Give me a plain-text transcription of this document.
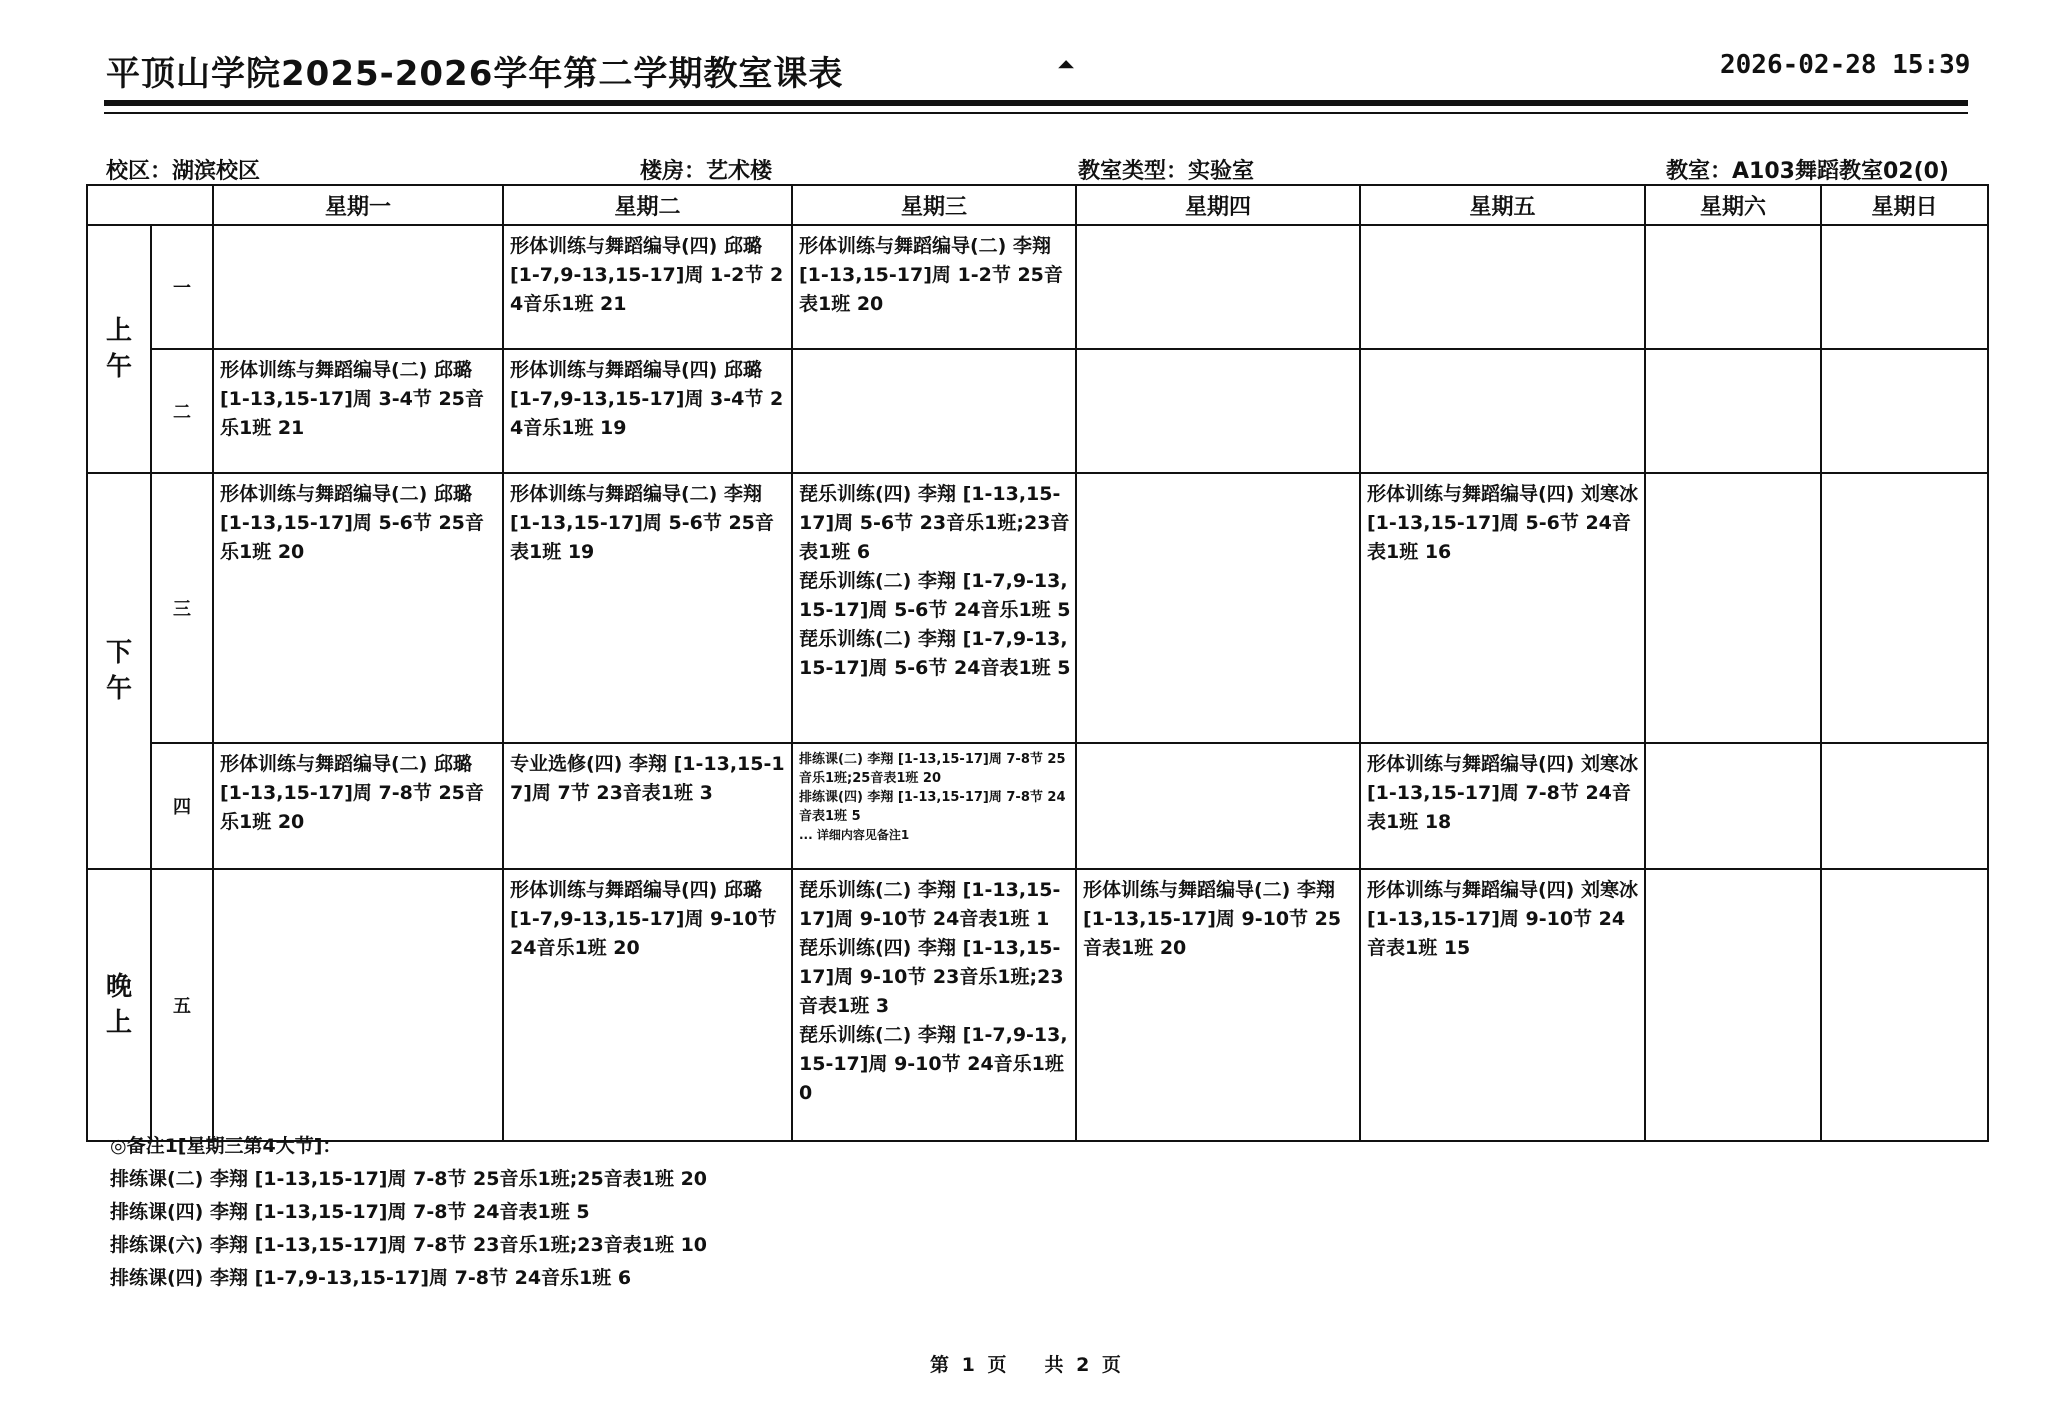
平顶山学院2025-2026学年第二学期教室课表	⏶	2026-02-28 15:39
校区：湖滨校区	楼房：艺术楼	教室类型：实验室	教室：A103舞蹈教室02(0)
		星期一	星期二	星期三	星期四	星期五	星期六	星期日
上
午	一		形体训练与舞蹈编导(四) 邱璐 [1-7,9-13,15-17]周 1-2节 24音乐1班 21	形体训练与舞蹈编导(二) 李翔 [1-13,15-17]周 1-2节 25音表1班 20				

	二	形体训练与舞蹈编导(二) 邱璐 [1-13,15-17]周 3-4节 25音乐1班 21	形体训练与舞蹈编导(四) 邱璐 [1-7,9-13,15-17]周 3-4节 24音乐1班 19					

下
午	三	形体训练与舞蹈编导(二) 邱璐 [1-13,15-17]周 5-6节 25音乐1班 20	形体训练与舞蹈编导(二) 李翔 [1-13,15-17]周 5-6节 25音表1班 19	琵乐训练(四) 李翔 [1-13,15-17]周 5-6节 23音乐1班;23音表1班 6
琵乐训练(二) 李翔 [1-7,9-13,15-17]周 5-6节 24音乐1班 5
琵乐训练(二) 李翔 [1-7,9-13,15-17]周 5-6节 24音表1班 5		形体训练与舞蹈编导(四) 刘寒冰 [1-13,15-17]周 5-6节 24音表1班 16		

	四	形体训练与舞蹈编导(二) 邱璐 [1-13,15-17]周 7-8节 25音乐1班 20	专业选修(四) 李翔 [1-13,15-17]周 7节 23音表1班 3	排练课(二) 李翔 [1-13,15-17]周 7-8节 25音乐1班;25音表1班 20
排练课(四) 李翔 [1-13,15-17]周 7-8节 24音表1班 5
... 详细内容见备注1		形体训练与舞蹈编导(四) 刘寒冰 [1-13,15-17]周 7-8节 24音表1班 18		

晚
上	五		形体训练与舞蹈编导(四) 邱璐 [1-7,9-13,15-17]周 9-10节 24音乐1班 20	琵乐训练(二) 李翔 [1-13,15-17]周 9-10节 24音表1班 1
琵乐训练(四) 李翔 [1-13,15-17]周 9-10节 23音乐1班;23音表1班 3
琵乐训练(二) 李翔 [1-7,9-13,15-17]周 9-10节 24音乐1班 0	形体训练与舞蹈编导(二) 李翔 [1-13,15-17]周 9-10节 25音表1班 20	形体训练与舞蹈编导(四) 刘寒冰 [1-13,15-17]周 9-10节 24音表1班 15		

◎备注1[星期三第4大节]：
排练课(二) 李翔 [1-13,15-17]周 7-8节 25音乐1班;25音表1班 20
排练课(四) 李翔 [1-13,15-17]周 7-8节 24音表1班 5
排练课(六) 李翔 [1-13,15-17]周 7-8节 23音乐1班;23音表1班 10
排练课(四) 李翔 [1-7,9-13,15-17]周 7-8节 24音乐1班 6
第 1 页　　共 2 页
